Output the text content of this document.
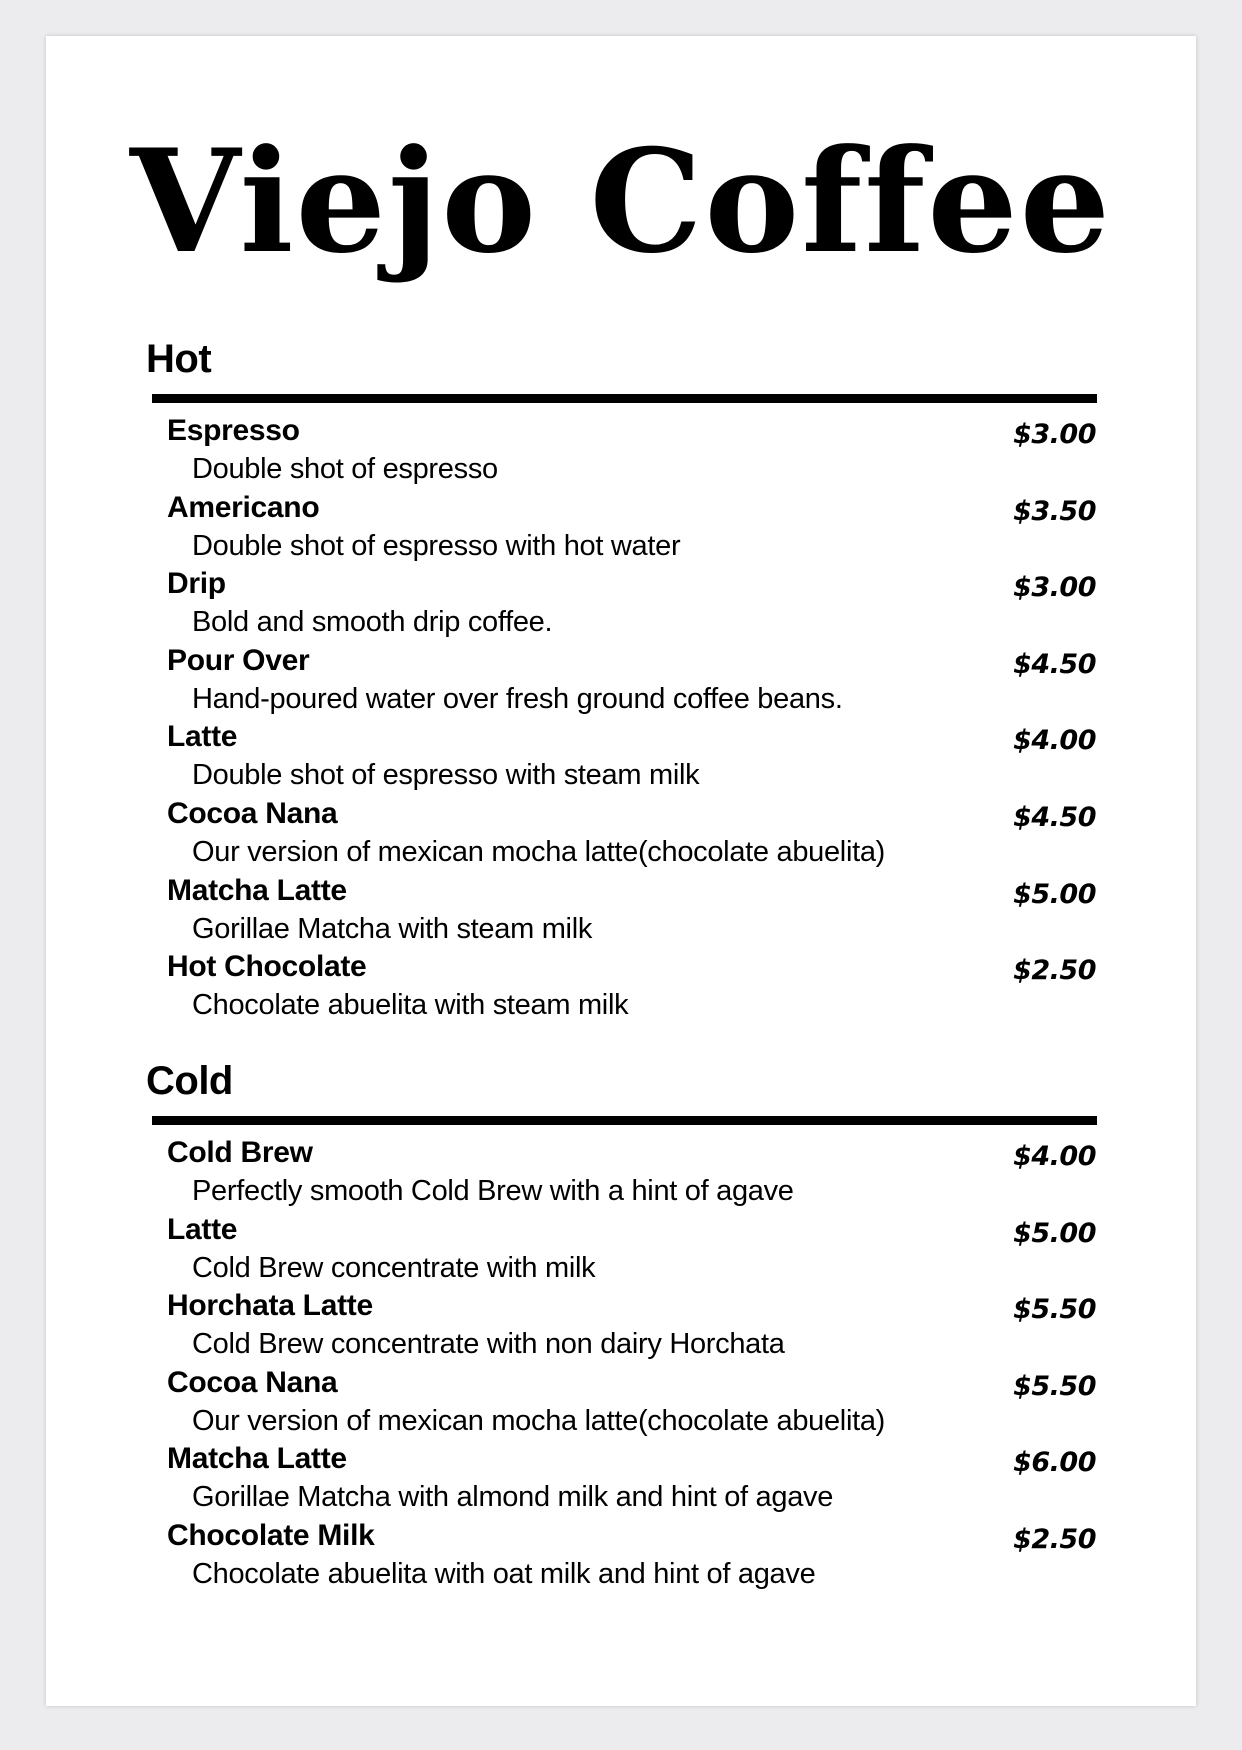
Viejo Coffee
Hot
Espresso
Double shot of espresso
$3.00
Americano
Double shot of espresso with hot water
$3.50
Drip
Bold and smooth drip coffee.
$3.00
Pour Over
Hand-poured water over fresh ground coffee beans.
$4.50
Latte
Double shot of espresso with steam milk
$4.00
Cocoa Nana
Our version of mexican mocha latte(chocolate abuelita)
$4.50
Matcha Latte
Gorillae Matcha with steam milk
$5.00
Hot Chocolate
Chocolate abuelita with steam milk
$2.50
Cold
Cold Brew
Perfectly smooth Cold Brew with a hint of agave
$4.00
Latte
Cold Brew concentrate with milk
$5.00
Horchata Latte
Cold Brew concentrate with non dairy Horchata
$5.50
Cocoa Nana
Our version of mexican mocha latte(chocolate abuelita)
$5.50
Matcha Latte
Gorillae Matcha with almond milk and hint of agave
$6.00
Chocolate Milk
Chocolate abuelita with oat milk and hint of agave
$2.50
